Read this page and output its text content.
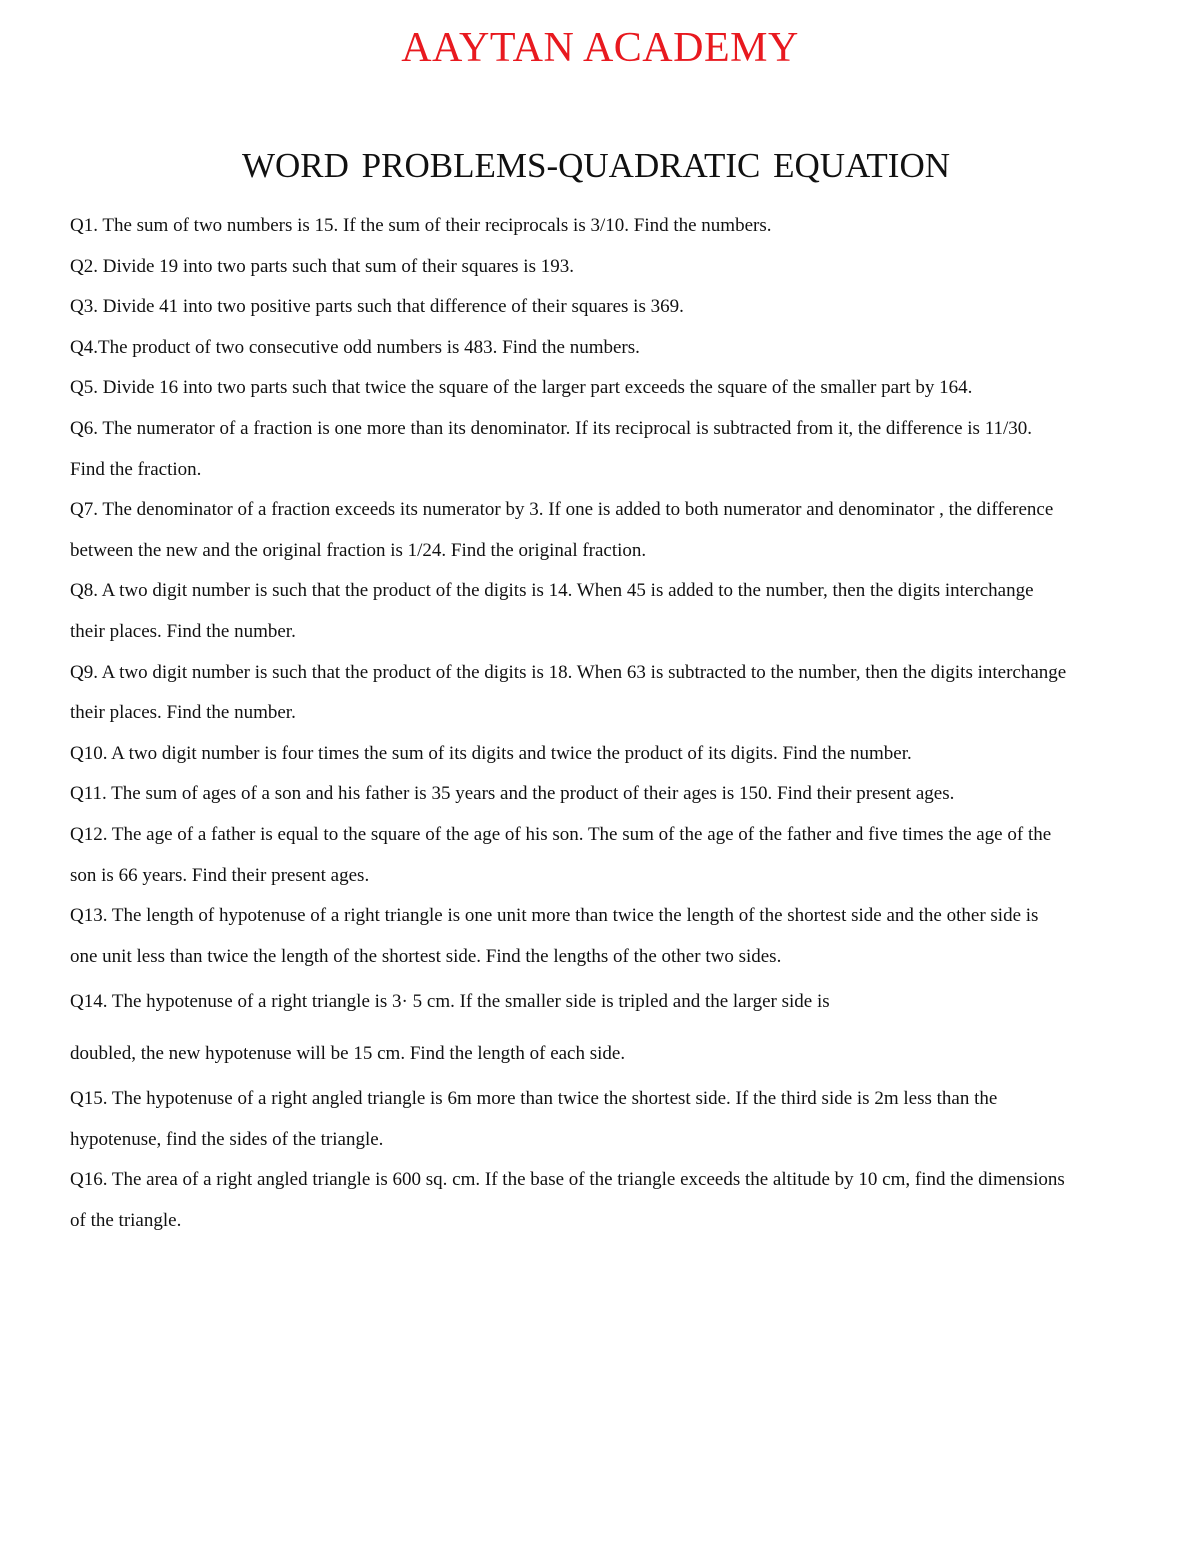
AAYTAN ACADEMY
WORD PROBLEMS-QUADRATIC EQUATION
Q1. The sum of two numbers is 15. If the sum of their reciprocals is 3/10. Find the numbers.
Q2. Divide 19 into two parts such that sum of their squares is 193.
Q3. Divide 41 into two positive parts such that difference of their squares is 369.
Q4.The product of two consecutive odd numbers is 483. Find the numbers.
Q5. Divide 16 into two parts such that twice the square of the larger part exceeds the square of the smaller part by 164.
Q6. The numerator of a fraction is one more than its denominator. If its reciprocal is subtracted from it, the difference is 11/30. Find the fraction.
Q7. The denominator of a fraction exceeds its numerator by 3. If one is added to both numerator and denominator , the difference between the new and the original fraction is 1/24. Find the original fraction.
Q8. A two digit number is such that the product of the digits is 14. When 45 is added to the number, then the digits interchange their places. Find the number.
Q9. A two digit number is such that the product of the digits is 18. When 63 is subtracted to the number, then the digits interchange their places. Find the number.
Q10. A two digit number is four times the sum of its digits and twice the product of its digits. Find the number.
Q11. The sum of ages of a son and his father is 35 years and the product of their ages is 150. Find their present ages.
Q12. The age of a father is equal to the square of the age of his son. The sum of the age of the father and five times the age of the son is 66 years. Find their present ages.
Q13. The length of hypotenuse of a right triangle is one unit more than twice the length of the shortest side and the other side is one unit less than twice the length of the shortest side. Find the lengths of the other two sides.
Q14. The hypotenuse of a right triangle is 3· 5 cm. If the smaller side is tripled and the larger side is
doubled, the new hypotenuse will be 15 cm. Find the length of each side.
Q15. The hypotenuse of a right angled triangle is 6m more than twice the shortest side. If the third side is 2m less than the hypotenuse, find the sides of the triangle.
Q16. The area of a right angled triangle is 600 sq. cm. If the base of the triangle exceeds the altitude by 10 cm, find the dimensions of the triangle.
